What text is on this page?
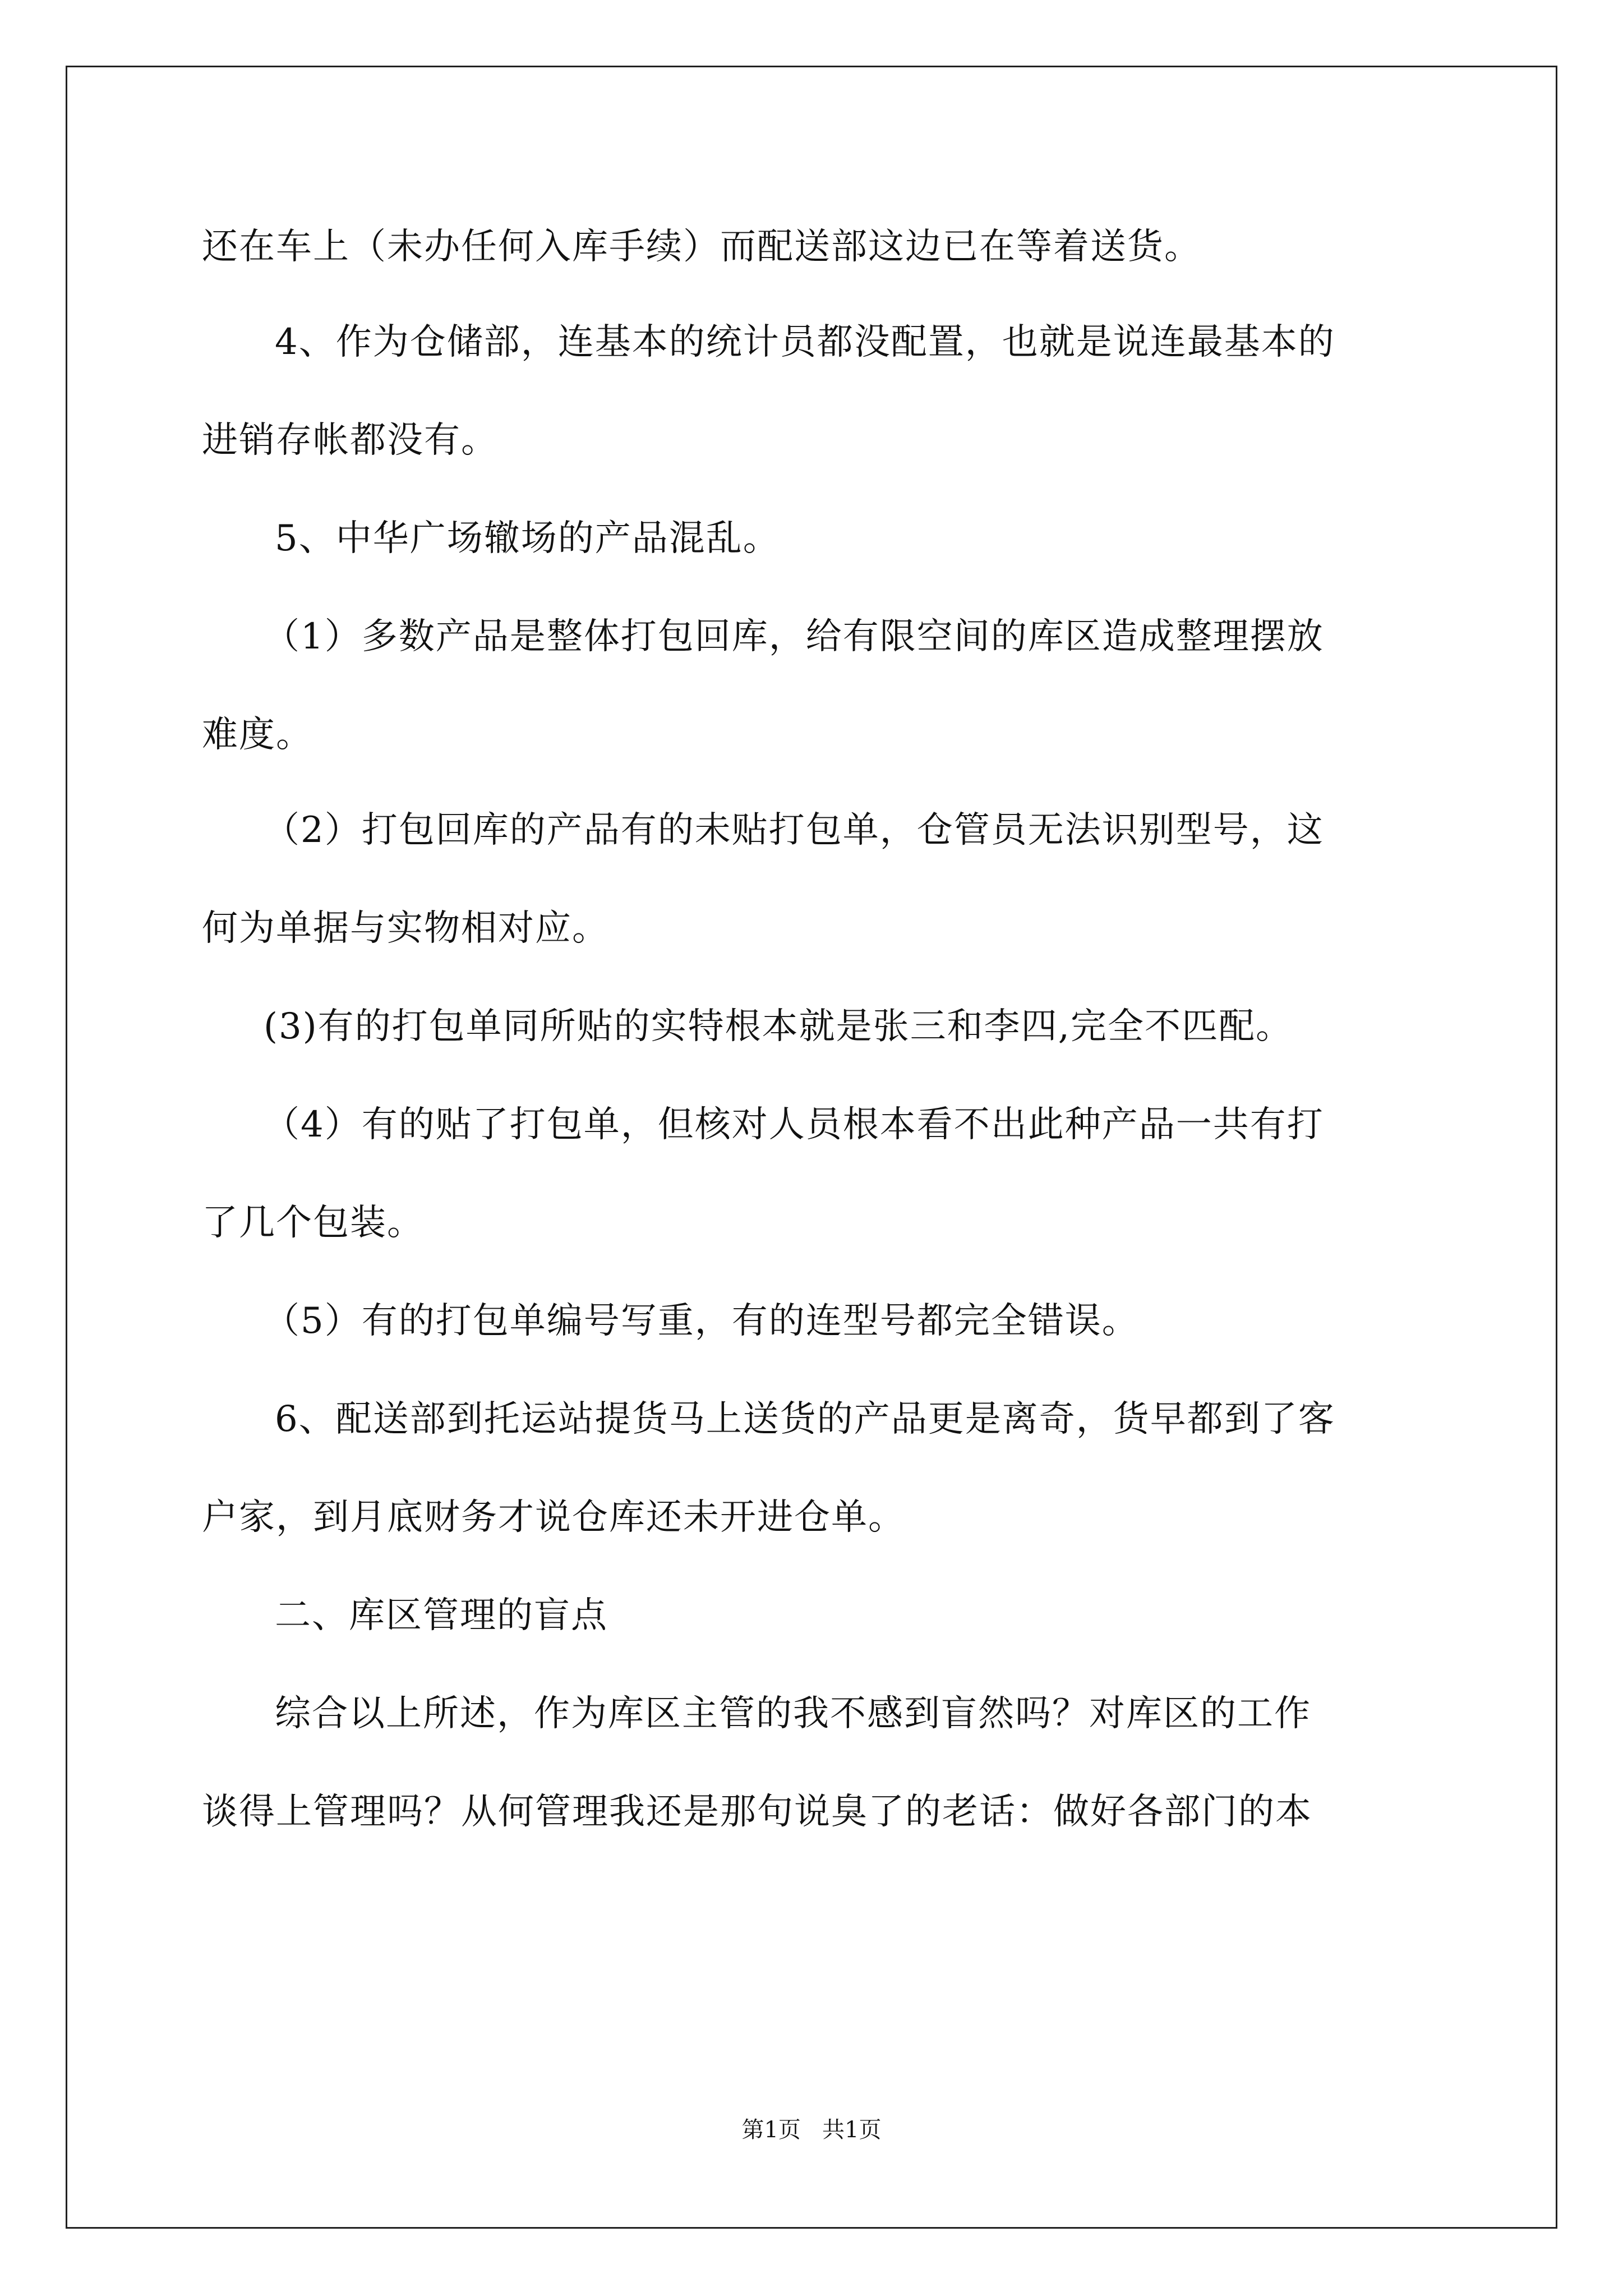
还在车上（未办任何入库手续）而配送部这边已在等着送货。
4、作为仓储部，连基本的统计员都没配置，也就是说连最基本的
进销存帐都没有。
5、中华广场辙场的产品混乱。
（1）多数产品是整体打包回库，给有限空间的库区造成整理摆放
难度。
（2）打包回库的产品有的未贴打包单，仓管员无法识别型号，这
何为单据与实物相对应。
(3)有的打包单同所贴的实特根本就是张三和李四,完全不匹配。
（4）有的贴了打包单，但核对人员根本看不出此种产品一共有打
了几个包装。
（5）有的打包单编号写重，有的连型号都完全错误。
6、配送部到托运站提货马上送货的产品更是离奇，货早都到了客
户家，到月底财务才说仓库还未开进仓单。
二、库区管理的盲点
综合以上所述，作为库区主管的我不感到盲然吗？对库区的工作
谈得上管理吗？从何管理我还是那句说臭了的老话：做好各部门的本
第1页   共1页
